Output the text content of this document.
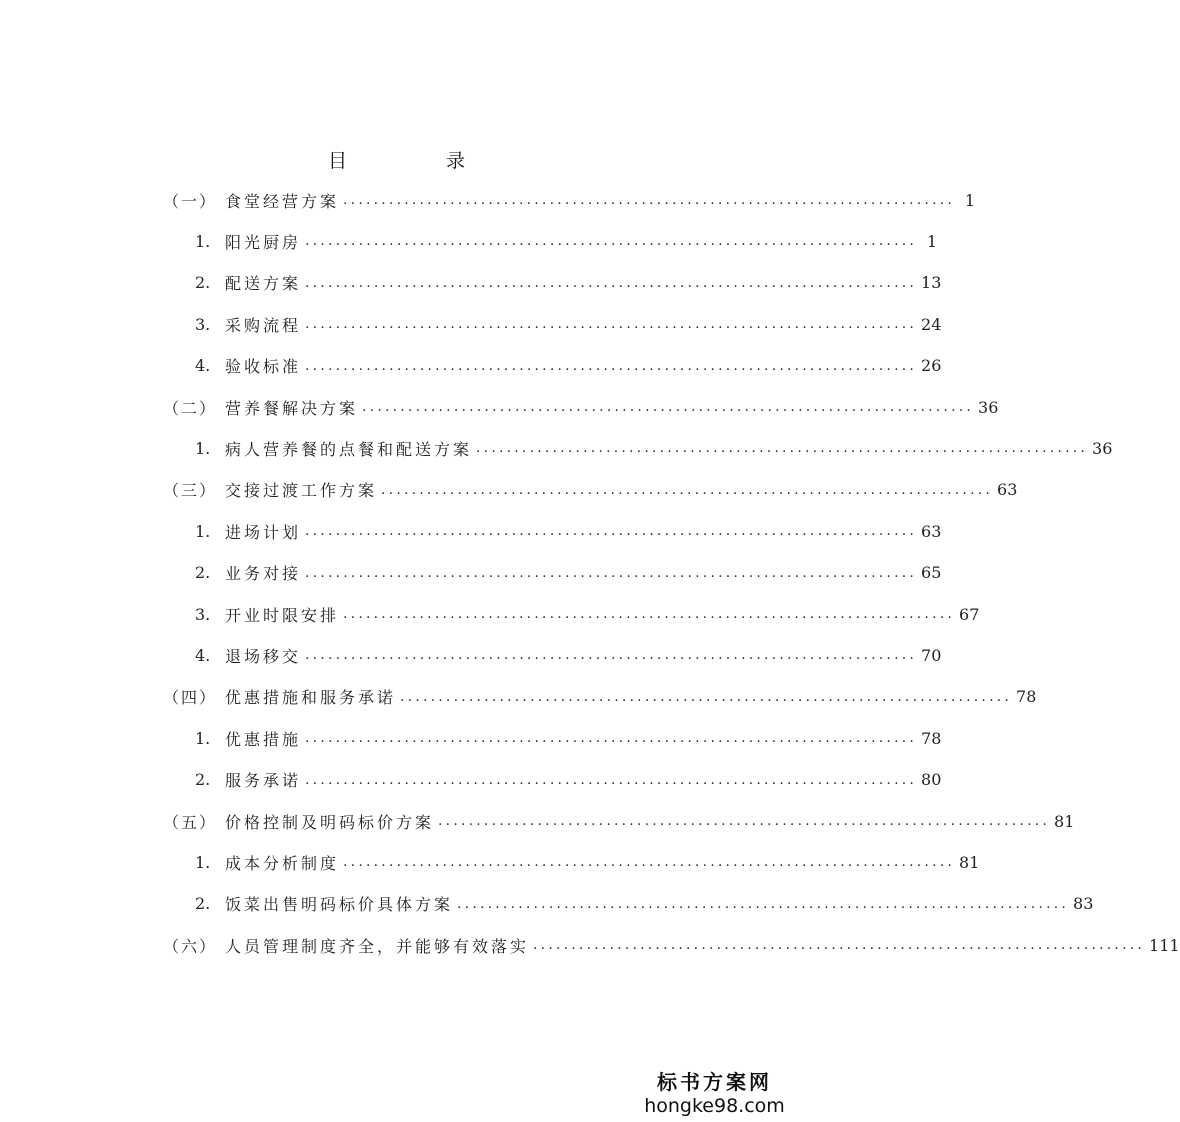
目　录
（一） 食堂经营方案 ................................................................................ 1
1. 阳光厨房 ................................................................................ 1
2. 配送方案 ................................................................................ 13
3. 采购流程 ................................................................................ 24
4. 验收标准 ................................................................................ 26
（二） 营养餐解决方案 ................................................................................ 36
1. 病人营养餐的点餐和配送方案 ................................................................................ 36
（三） 交接过渡工作方案 ................................................................................ 63
1. 进场计划 ................................................................................ 63
2. 业务对接 ................................................................................ 65
3. 开业时限安排 ................................................................................ 67
4. 退场移交 ................................................................................ 70
（四） 优惠措施和服务承诺 ................................................................................ 78
1. 优惠措施 ................................................................................ 78
2. 服务承诺 ................................................................................ 80
（五） 价格控制及明码标价方案 ................................................................................ 81
1. 成本分析制度 ................................................................................ 81
2. 饭菜出售明码标价具体方案 ................................................................................ 83
（六） 人员管理制度齐全，并能够有效落实 ................................................................................ 111
标书方案网
hongke98.com
